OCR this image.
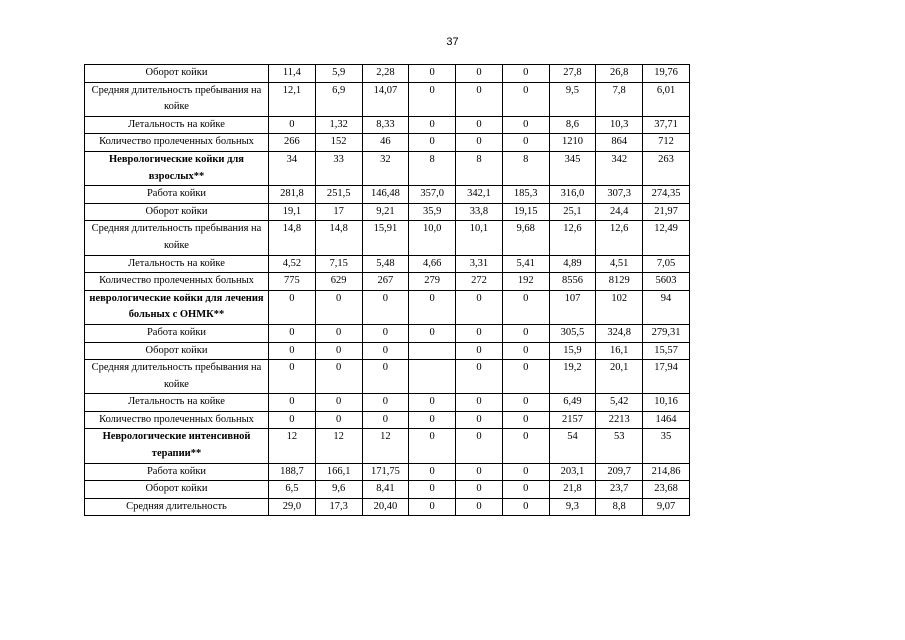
37
Оборот койки	11,4	5,9	2,28	0	0	0	27,8	26,8	19,76
Средняя длительность пребывания на койке	12,1	6,9	14,07	0	0	0	9,5	7,8	6,01
Летальность на койке	0	1,32	8,33	0	0	0	8,6	10,3	37,71
Количество пролеченных больных	266	152	46	0	0	0	1210	864	712
Неврологические койки для взрослых**	34	33	32	8	8	8	345	342	263
Работа койки	281,8	251,5	146,48	357,0	342,1	185,3	316,0	307,3	274,35
Оборот койки	19,1	17	9,21	35,9	33,8	19,15	25,1	24,4	21,97
Средняя длительность пребывания на койке	14,8	14,8	15,91	10,0	10,1	9,68	12,6	12,6	12,49
Летальность на койке	4,52	7,15	5,48	4,66	3,31	5,41	4,89	4,51	7,05
Количество пролеченных больных	775	629	267	279	272	192	8556	8129	5603
неврологические койки для лечения больных с ОНМК**	0	0	0	0	0	0	107	102	94
Работа койки	0	0	0	0	0	0	305,5	324,8	279,31
Оборот койки	0	0	0		0	0	15,9	16,1	15,57
Средняя длительность пребывания на койке	0	0	0		0	0	19,2	20,1	17,94
Летальность на койке	0	0	0	0	0	0	6,49	5,42	10,16
Количество пролеченных больных	0	0	0	0	0	0	2157	2213	1464
Неврологические интенсивной терапии**	12	12	12	0	0	0	54	53	35
Работа койки	188,7	166,1	171,75	0	0	0	203,1	209,7	214,86
Оборот койки	6,5	9,6	8,41	0	0	0	21,8	23,7	23,68
Средняя длительность	29,0	17,3	20,40	0	0	0	9,3	8,8	9,07
